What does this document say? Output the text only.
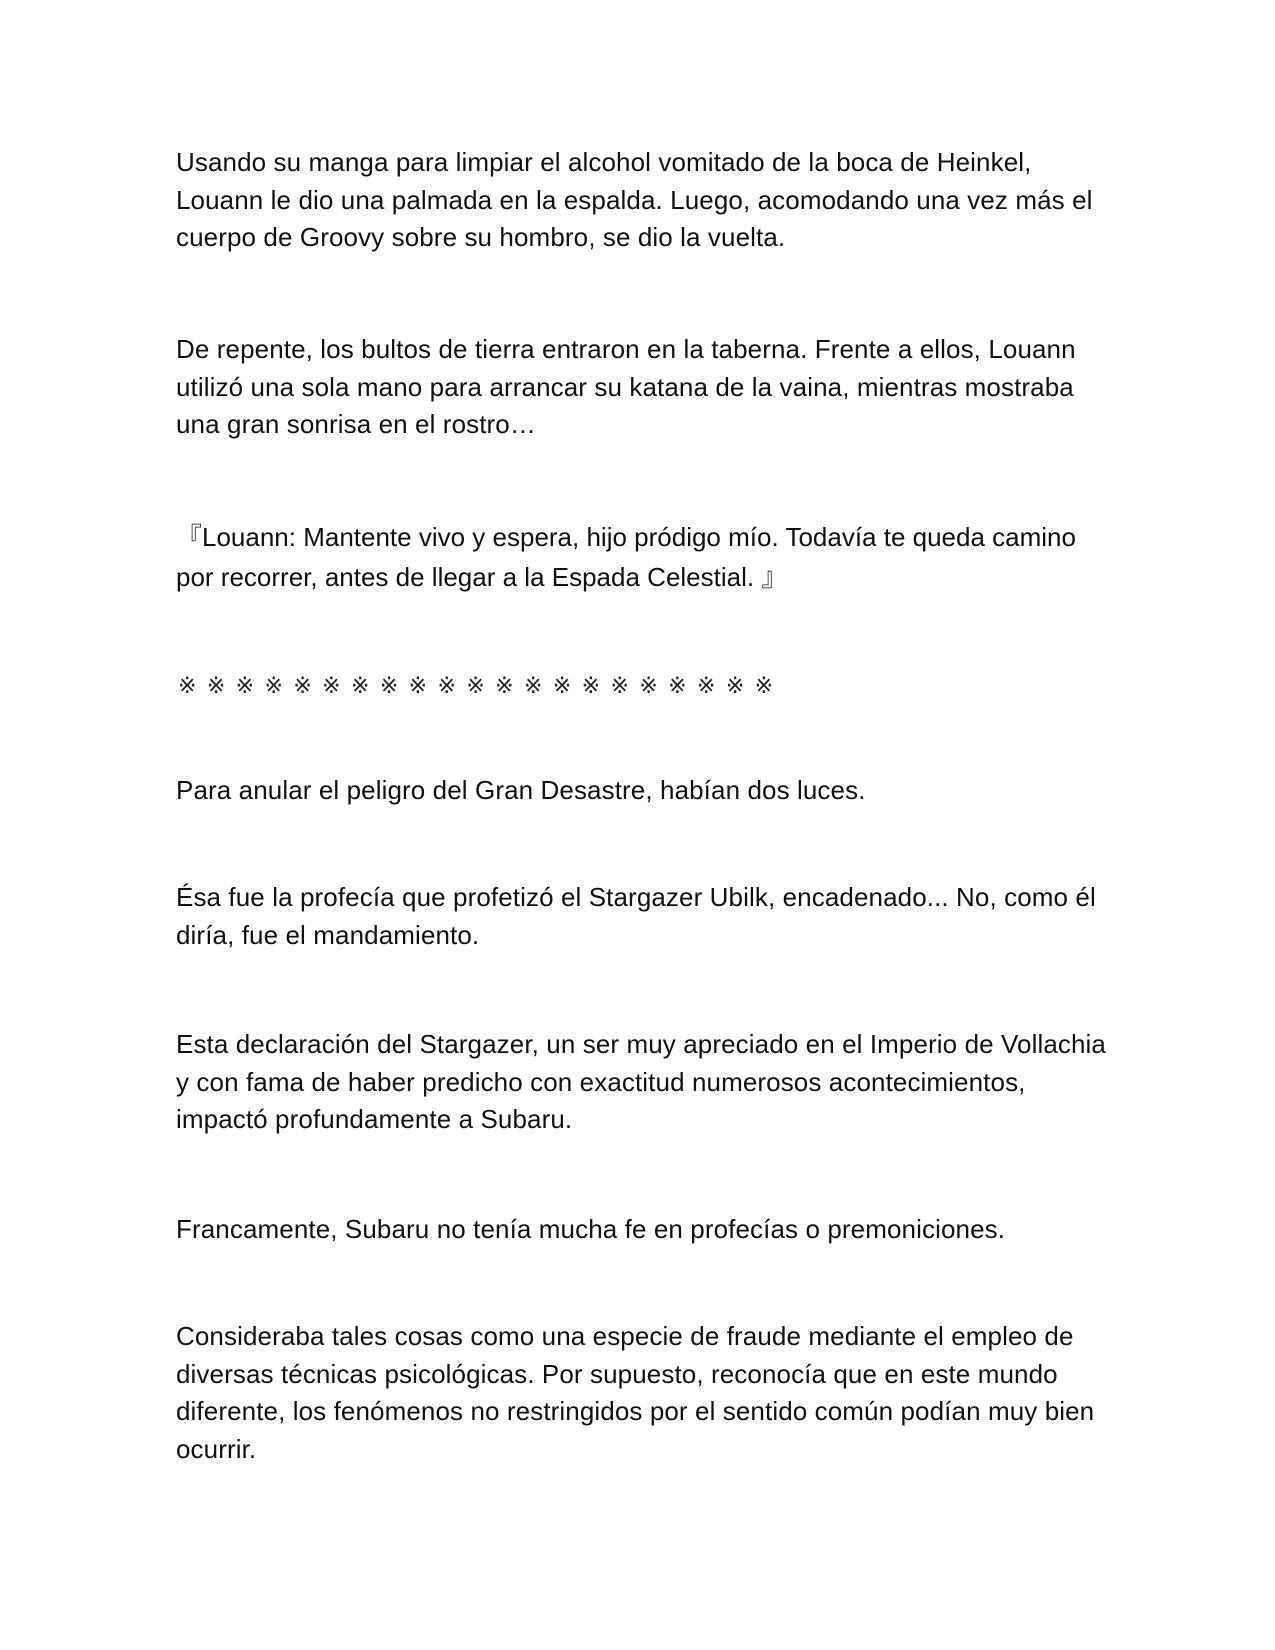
Usando su manga para limpiar el alcohol vomitado de la boca de Heinkel, Louann le dio una palmada en la espalda. Luego, acomodando una vez más el cuerpo de Groovy sobre su hombro, se dio la vuelta.

De repente, los bultos de tierra entraron en la taberna. Frente a ellos, Louann utilizó una sola mano para arrancar su katana de la vaina, mientras mostraba una gran sonrisa en el rostro…

『Louann: Mantente vivo y espera, hijo pródigo mío. Todavía te queda camino por recorrer, antes de llegar a la Espada Celestial. 』

※※※※※※※※※※※※※※※※※※※※※

Para anular el peligro del Gran Desastre, habían dos luces.

Ésa fue la profecía que profetizó el Stargazer Ubilk, encadenado... No, como él diría, fue el mandamiento.

Esta declaración del Stargazer, un ser muy apreciado en el Imperio de Vollachia y con fama de haber predicho con exactitud numerosos acontecimientos, impactó profundamente a Subaru.

Francamente, Subaru no tenía mucha fe en profecías o premoniciones.

Consideraba tales cosas como una especie de fraude mediante el empleo de diversas técnicas psicológicas. Por supuesto, reconocía que en este mundo diferente, los fenómenos no restringidos por el sentido común podían muy bien ocurrir.
